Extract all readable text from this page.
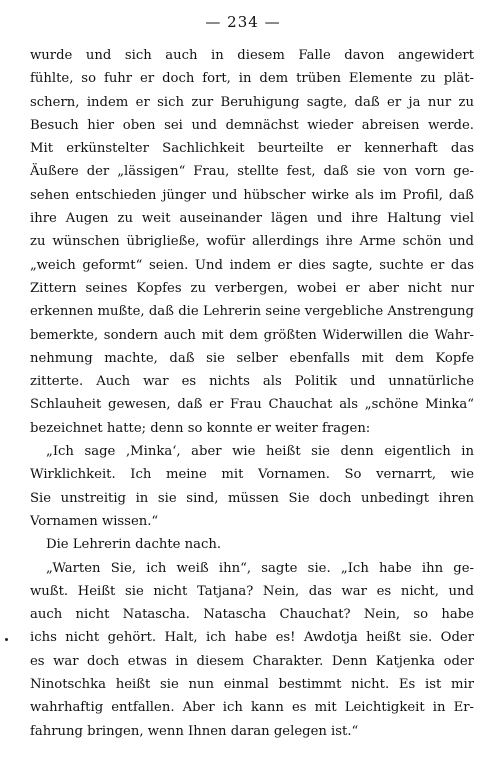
— 234 —
wurde und sich auch in diesem Falle davon angewidert
fühlte, so fuhr er doch fort, in dem trüben Elemente zu plät-
schern, indem er sich zur Beruhigung sagte, daß er ja nur zu
Besuch hier oben sei und demnächst wieder abreisen werde.
Mit erkünstelter Sachlichkeit beurteilte er kennerhaft das
Äußere der „lässigen“ Frau, stellte fest, daß sie von vorn ge-
sehen entschieden jünger und hübscher wirke als im Profil, daß
ihre Augen zu weit auseinander lägen und ihre Haltung viel
zu wünschen übrigließe, wofür allerdings ihre Arme schön und
„weich geformt“ seien. Und indem er dies sagte, suchte er das
Zittern seines Kopfes zu verbergen, wobei er aber nicht nur
erkennen mußte, daß die Lehrerin seine vergebliche Anstrengung
bemerkte, sondern auch mit dem größten Widerwillen die Wahr-
nehmung machte, daß sie selber ebenfalls mit dem Kopfe
zitterte. Auch war es nichts als Politik und unnatürliche
Schlauheit gewesen, daß er Frau Chauchat als „schöne Minka“
bezeichnet hatte; denn so konnte er weiter fragen:
„Ich sage ‚Minka‘, aber wie heißt sie denn eigentlich in
Wirklichkeit. Ich meine mit Vornamen. So vernarrt, wie
Sie unstreitig in sie sind, müssen Sie doch unbedingt ihren
Vornamen wissen.“
Die Lehrerin dachte nach.
„Warten Sie, ich weiß ihn“, sagte sie. „Ich habe ihn ge-
wußt. Heißt sie nicht Tatjana? Nein, das war es nicht, und
auch nicht Natascha. Natascha Chauchat? Nein, so habe
ichs nicht gehört. Halt, ich habe es! Awdotja heißt sie. Oder
es war doch etwas in diesem Charakter. Denn Katjenka oder
Ninotschka heißt sie nun einmal bestimmt nicht. Es ist mir
wahrhaftig entfallen. Aber ich kann es mit Leichtigkeit in Er-
fahrung bringen, wenn Ihnen daran gelegen ist.“
